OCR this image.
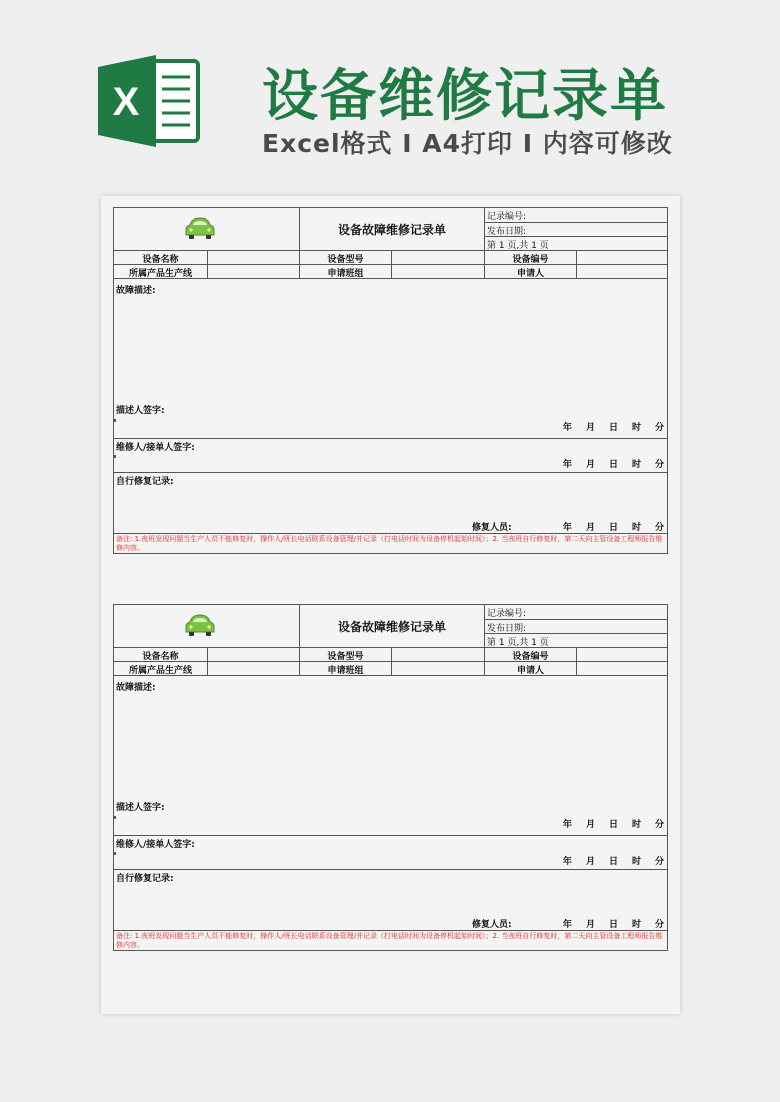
X 设备维修记录单
Excel格式 I A4打印 I 内容可修改
设备故障维修记录单
记录编号:
发布日期:
第 1 页,共 1 页
设备名称	设备型号	设备编号
所属产品生产线	申请班组	申请人
故障描述:
描述人签字:
年 月 日 时 分
维修人/接单人签字:
年 月 日 时 分
自行修复记录:
修复人员:	年 月 日 时 分
备注: 1.夜班发现问题当生产人员不能修复时，操作人/班长电话联系设备管理/并记录（打电话时间为设备停机起始时间）；2. 当夜班自行修复时，第二天向主管设备工程师报告维修内容。
设备故障维修记录单
记录编号:
发布日期:
第 1 页,共 1 页
设备名称	设备型号	设备编号
所属产品生产线	申请班组	申请人
故障描述:
描述人签字:
年 月 日 时 分
维修人/接单人签字:
年 月 日 时 分
自行修复记录:
修复人员:	年 月 日 时 分
备注: 1.夜班发现问题当生产人员不能修复时，操作人/班长电话联系设备管理/并记录（打电话时间为设备停机起始时间）；2. 当夜班自行修复时，第二天向主管设备工程师报告维修内容。
